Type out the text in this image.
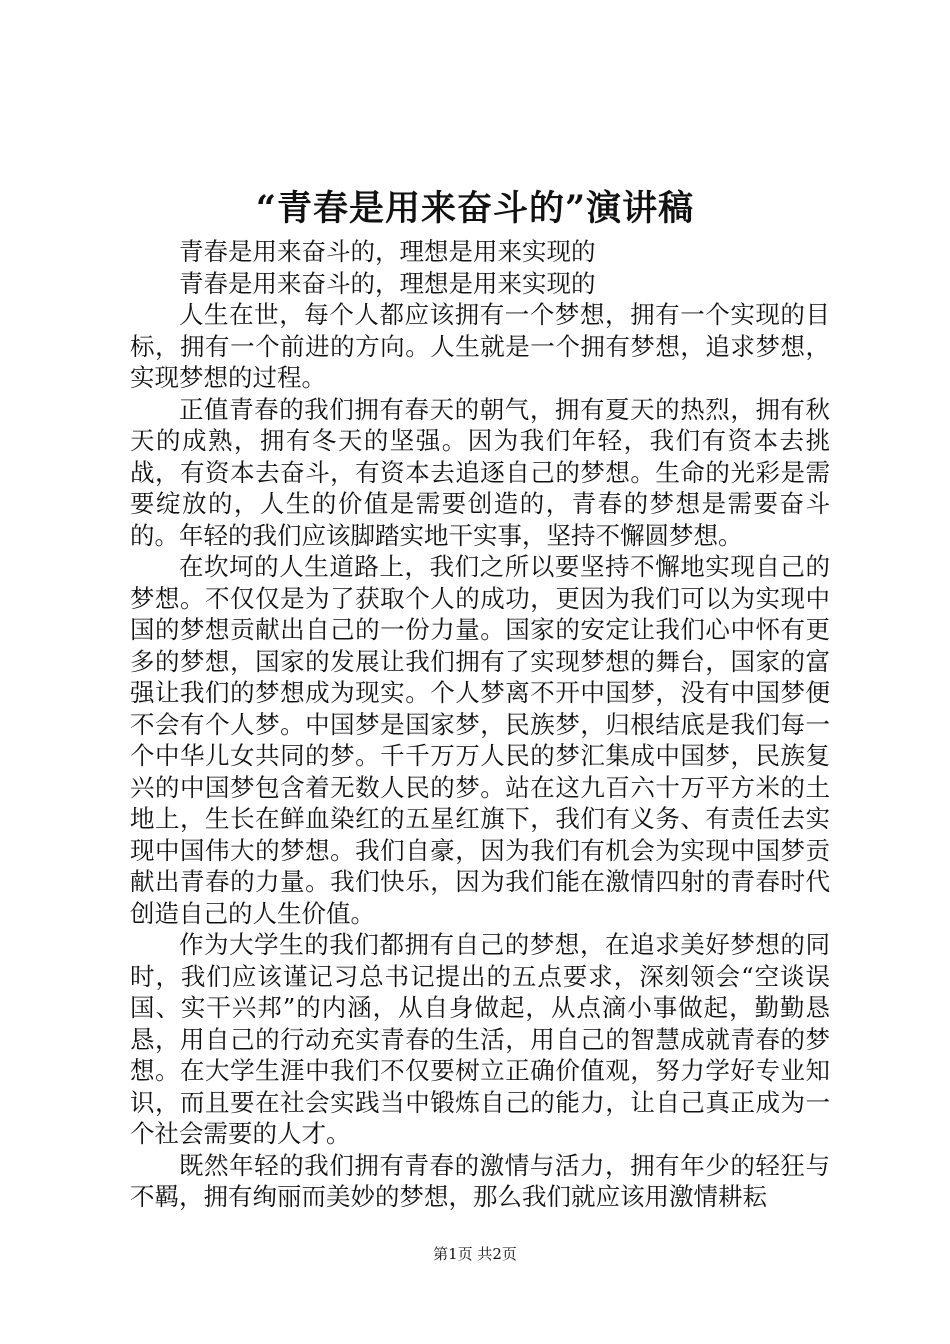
“青春是用来奋斗的”演讲稿

青春是用来奋斗的，理想是用来实现的

青春是用来奋斗的，理想是用来实现的

人生在世，每个人都应该拥有一个梦想，拥有一个实现的目标，拥有一个前进的方向。人生就是一个拥有梦想，追求梦想，实现梦想的过程。

正值青春的我们拥有春天的朝气，拥有夏天的热烈，拥有秋天的成熟，拥有冬天的坚强。因为我们年轻，我们有资本去挑战，有资本去奋斗，有资本去追逐自己的梦想。生命的光彩是需要绽放的，人生的价值是需要创造的，青春的梦想是需要奋斗的。年轻的我们应该脚踏实地干实事，坚持不懈圆梦想。

在坎坷的人生道路上，我们之所以要坚持不懈地实现自己的梦想。不仅仅是为了获取个人的成功，更因为我们可以为实现中国的梦想贡献出自己的一份力量。国家的安定让我们心中怀有更多的梦想，国家的发展让我们拥有了实现梦想的舞台，国家的富强让我们的梦想成为现实。个人梦离不开中国梦，没有中国梦便不会有个人梦。中国梦是国家梦，民族梦，归根结底是我们每一个中华儿女共同的梦。千千万万人民的梦汇集成中国梦，民族复兴的中国梦包含着无数人民的梦。站在这九百六十万平方米的土地上，生长在鲜血染红的五星红旗下，我们有义务、有责任去实现中国伟大的梦想。我们自豪，因为我们有机会为实现中国梦贡献出青春的力量。我们快乐，因为我们能在激情四射的青春时代创造自己的人生价值。

作为大学生的我们都拥有自己的梦想，在追求美好梦想的同时，我们应该谨记习总书记提出的五点要求，深刻领会“空谈误国、实干兴邦”的内涵，从自身做起，从点滴小事做起，勤勤恳恳，用自己的行动充实青春的生活，用自己的智慧成就青春的梦想。在大学生涯中我们不仅要树立正确价值观，努力学好专业知识，而且要在社会实践当中锻炼自己的能力，让自己真正成为一个社会需要的人才。

既然年轻的我们拥有青春的激情与活力，拥有年少的轻狂与不羁，拥有绚丽而美妙的梦想，那么我们就应该用激情耕耘

第1页 共2页
